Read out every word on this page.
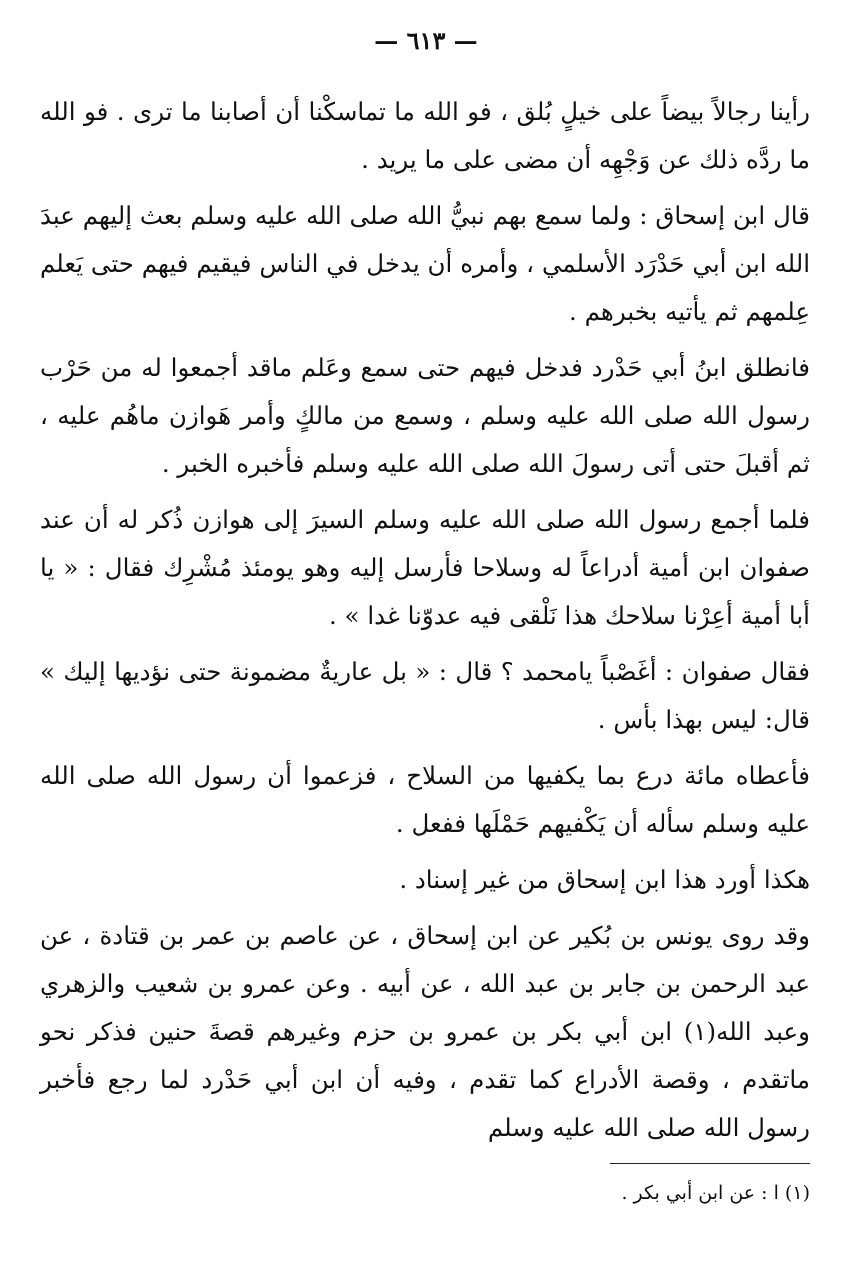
— ٦١٣ —

رأينا رجالاً بيضاً على خيلٍ بُلق ، فو الله ما تماسكْنا أن أصابنا ما ترى . فو الله ما ردَّه ذلك عن وَجْهِه أن مضى على ما يريد .

قال ابن إسحاق : ولما سمع بهم نبيُّ الله صلى الله عليه وسلم بعث إليهم عبدَ الله ابن أبي حَدْرَد الأسلمي ، وأمره أن يدخل في الناس فيقيم فيهم حتى يَعلم عِلمهم ثم يأتيه بخبرهم .

فانطلق ابنُ أبي حَدْرد فدخل فيهم حتى سمع وعَلم ماقد أجمعوا له من حَرْب رسول الله صلى الله عليه وسلم ، وسمع من مالكٍ وأمر هَوازن ماهُم عليه ، ثم أقبلَ حتى أتى رسولَ الله صلى الله عليه وسلم فأخبره الخبر .

فلما أجمع رسول الله صلى الله عليه وسلم السيرَ إلى هوازن ذُكر له أن عند صفوان ابن أمية أدراعاً له وسلاحا فأرسل إليه وهو يومئذ مُشْرِك فقال : « يا أبا أمية أعِرْنا سلاحك هذا نَلْقى فيه عدوّنا غدا » .

فقال صفوان : أغَصْباً يامحمد ؟ قال : « بل عاريةٌ مضمونة حتى نؤديها إليك » قال: ليس بهذا بأس .

فأعطاه مائة درع بما يكفيها من السلاح ، فزعموا أن رسول الله صلى الله عليه وسلم سأله أن يَكْفيهم حَمْلَها ففعل .

هكذا أورد هذا ابن إسحاق من غير إسناد .

وقد روى يونس بن بُكير عن ابن إسحاق ، عن عاصم بن عمر بن قتادة ، عن عبد الرحمن بن جابر بن عبد الله ، عن أبيه . وعن عمرو بن شعيب والزهري وعبد الله(١) ابن أبي بكر بن عمرو بن حزم وغيرهم قصةَ حنين فذكر نحو ماتقدم ، وقصة الأدراع كما تقدم ، وفيه أن ابن أبي حَدْرد لما رجع فأخبر رسول الله صلى الله عليه وسلم

(١) ا : عن ابن أبي بكر .
